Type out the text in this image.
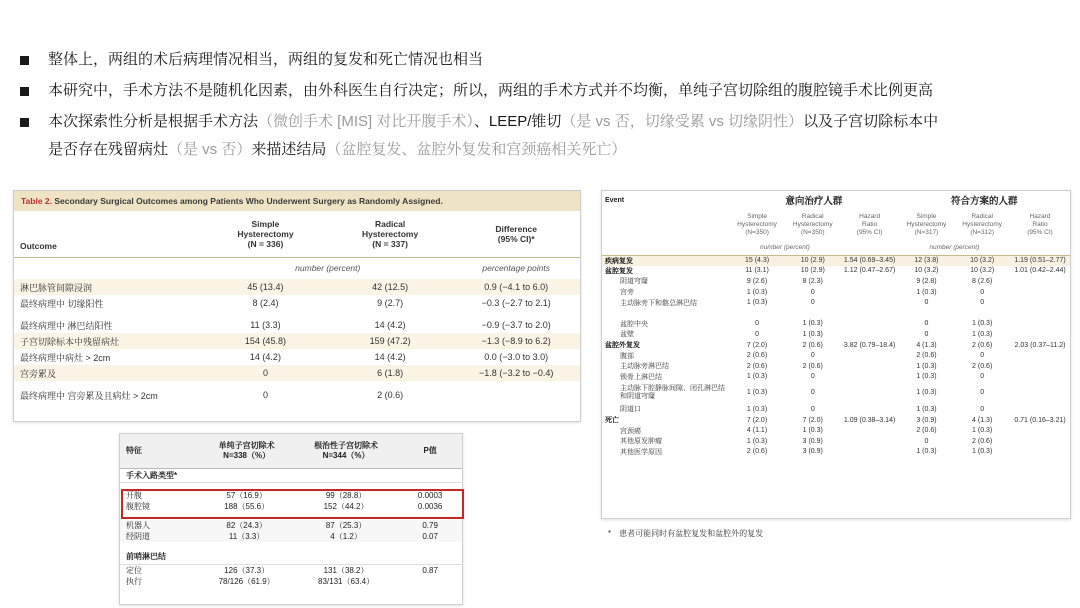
整体上，两组的术后病理情况相当，两组的复发和死亡情况也相当
本研究中，手术方法不是随机化因素，由外科医生自行决定；所以，两组的手术方式并不均衡，单纯子宫切除组的腹腔镜手术比例更高
本次探索性分析是根据手术方法（微创手术 [MIS] 对比开腹手术）、LEEP/锥切（是 vs 否，切缘受累 vs 切缘阴性）以及子宫切除标本中
是否存在残留病灶（是 vs 否）来描述结局（盆腔复发、盆腔外复发和宫颈癌相关死亡）
Table 2. Secondary Surgical Outcomes among Patients Who Underwent Surgery as Randomly Assigned.
Outcome	Simple
Hysterectomy
(N = 336)	Radical
Hysterectomy
(N = 337)	Difference
(95% CI)*
	number (percent)		percentage points
淋巴脉管间隙浸润	45 (13.4)	42 (12.5)	0.9 (−4.1 to 6.0)
最终病理中 切缘阳性	8 (2.4)	9 (2.7)	−0.3 (−2.7 to 2.1)

最终病理中 淋巴结阳性	11 (3.3)	14 (4.2)	−0.9 (−3.7 to 2.0)
子宫切除标本中残留病灶	154 (45.8)	159 (47.2)	−1.3 (−8.9 to 6.2)
最终病理中病灶 > 2cm	14 (4.2)	14 (4.2)	0.0 (−3.0 to 3.0)
宫旁累及	0	6 (1.8)	−1.8 (−3.2 to −0.4)

最终病理中 宫旁累及且病灶 > 2cm	0	2 (0.6)	
Event	意向治疗人群			符合方案的人群		
	Simple
Hysterectomy
(N=350)	Radical
Hysterectomy
(N=350)	Hazard
Ratio
(95% CI)	Simple
Hysterectomy
(N=317)	Radical
Hysterectomy
(N=312)	Hazard
Ratio
(95% CI)
	number (percent)			number (percent)		
疾病复发	15 (4.3)	10 (2.9)	1.54 (0.69–3.45)	12 (3.8)	10 (3.2)	1.19 (0.51–2.77)
盆腔复发	11 (3.1)	10 (2.9)	1.12 (0.47–2.67)	10 (3.2)	10 (3.2)	1.01 (0.42–2.44)
阴道穹窿	9 (2.6)	8 (2.3)		9 (2.8)	8 (2.6)	
宫旁	1 (0.3)	0		1 (0.3)	0	
主动脉旁下和髂总淋巴结	1 (0.3)	0		0	0	

盆腔中央	0	1 (0.3)		0	1 (0.3)	
盆壁	0	1 (0.3)		0	1 (0.3)	
盆腔外复发	7 (2.0)	2 (0.6)	3.82 (0.79–18.4)	4 (1.3)	2 (0.6)	2.03 (0.37–11.2)
腹部	2 (0.6)	0		2 (0.6)	0	
主动脉旁淋巴结	2 (0.6)	2 (0.6)		1 (0.3)	2 (0.6)	
锁骨上淋巴结	1 (0.3)	0		1 (0.3)	0	
主动脉下腔静脉间隙、闭孔淋巴结和阴道穹窿	1 (0.3)	0		1 (0.3)	0	
阴道口	1 (0.3)	0		1 (0.3)	0	
死亡	7 (2.0)	7 (2.0)	1.09 (0.38–3.14)	3 (0.9)	4 (1.3)	0.71 (0.16–3.21)
宫颈癌	4 (1.1)	1 (0.3)		2 (0.6)	1 (0.3)	
其他原发肿瘤	1 (0.3)	3 (0.9)		0	2 (0.6)	
其他医学原因	2 (0.6)	3 (0.9)		1 (0.3)	1 (0.3)	
* 患者可能同时有盆腔复发和盆腔外的复发
特征	单纯子宫切除术
N=338（%）	根治性子宫切除术
N=344（%）	P值
手术入路类型*			

开腹	57（16.9）	99（28.8）	0.0003
腹腔镜	188（55.6）	152（44.2）	0.0036

机器人	82（24.3）	87（25.3）	0.79
经阴道	11（3.3）	4（1.2）	0.07

前哨淋巴结			
定位	126（37.3）	131（38.2）	0.87
执行	78/126（61.9）	83/131（63.4）	
